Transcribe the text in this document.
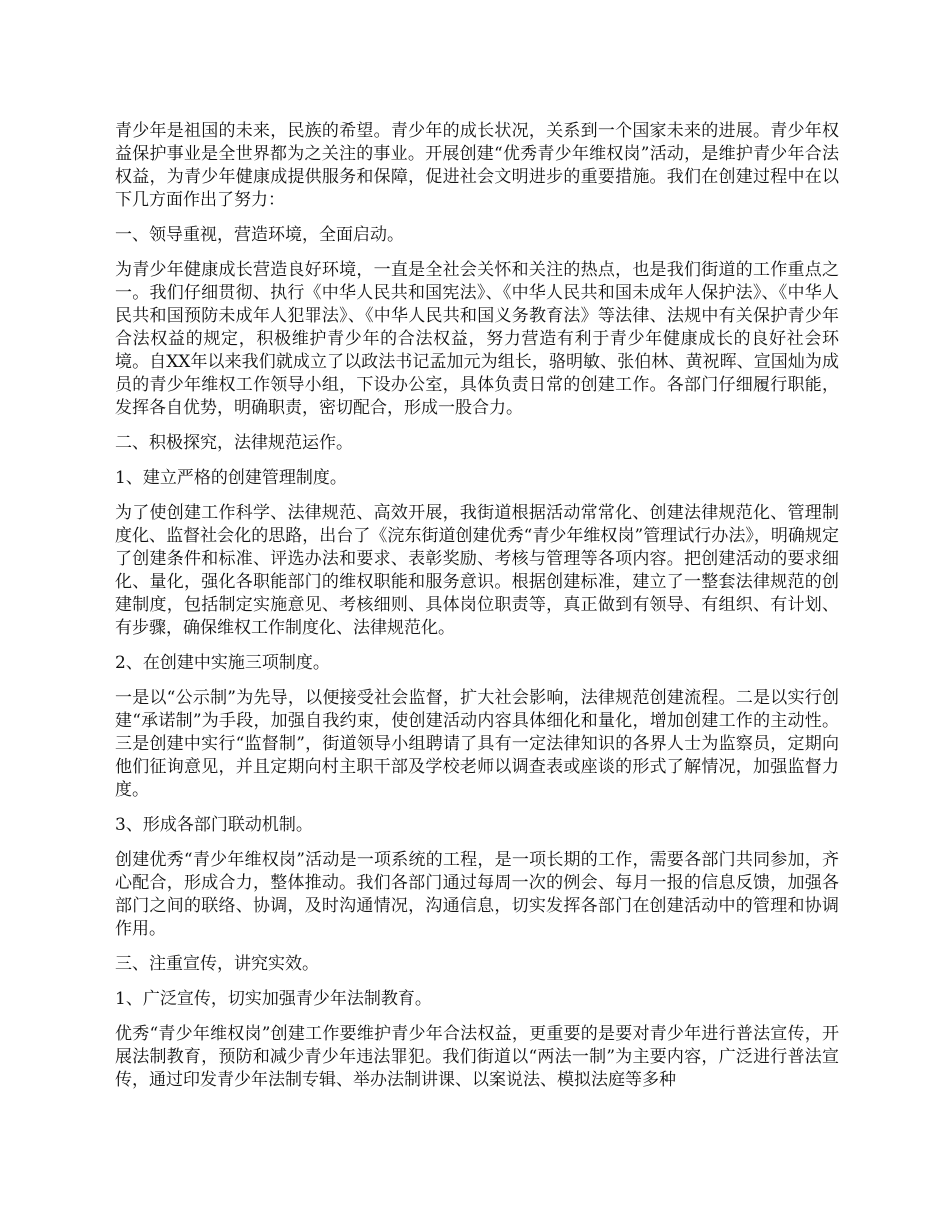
青少年是祖国的未来，民族的希望。青少年的成长状况，关系到一个国家未来的进展。青少年权益保护事业是全世界都为之关注的事业。开展创建“优秀青少年维权岗”活动，是维护青少年合法权益，为青少年健康成提供服务和保障，促进社会文明进步的重要措施。我们在创建过程中在以下几方面作出了努力：

一、领导重视，营造环境，全面启动。

为青少年健康成长营造良好环境，一直是全社会关怀和关注的热点，也是我们街道的工作重点之一。我们仔细贯彻、执行《中华人民共和国宪法》、《中华人民共和国未成年人保护法》、《中华人民共和国预防未成年人犯罪法》、《中华人民共和国义务教育法》等法律、法规中有关保护青少年合法权益的规定，积极维护青少年的合法权益，努力营造有利于青少年健康成长的良好社会环境。自XX年以来我们就成立了以政法书记孟加元为组长，骆明敏、张伯林、黄祝晖、宣国灿为成员的青少年维权工作领导小组，下设办公室，具体负责日常的创建工作。各部门仔细履行职能，发挥各自优势，明确职责，密切配合，形成一股合力。

二、积极探究，法律规范运作。

1、建立严格的创建管理制度。

为了使创建工作科学、法律规范、高效开展，我街道根据活动常常化、创建法律规范化、管理制度化、监督社会化的思路，出台了《浣东街道创建优秀“青少年维权岗”管理试行办法》，明确规定了创建条件和标准、评选办法和要求、表彰奖励、考核与管理等各项内容。把创建活动的要求细化、量化，强化各职能部门的维权职能和服务意识。根据创建标准，建立了一整套法律规范的创建制度，包括制定实施意见、考核细则、具体岗位职责等，真正做到有领导、有组织、有计划、有步骤，确保维权工作制度化、法律规范化。

2、在创建中实施三项制度。

一是以“公示制”为先导，以便接受社会监督，扩大社会影响，法律规范创建流程。二是以实行创建“承诺制”为手段，加强自我约束，使创建活动内容具体细化和量化，增加创建工作的主动性。三是创建中实行“监督制”，街道领导小组聘请了具有一定法律知识的各界人士为监察员，定期向他们征询意见，并且定期向村主职干部及学校老师以调查表或座谈的形式了解情况，加强监督力度。

3、形成各部门联动机制。

创建优秀“青少年维权岗”活动是一项系统的工程，是一项长期的工作，需要各部门共同参加，齐心配合，形成合力，整体推动。我们各部门通过每周一次的例会、每月一报的信息反馈，加强各部门之间的联络、协调，及时沟通情况，沟通信息，切实发挥各部门在创建活动中的管理和协调作用。

三、注重宣传，讲究实效。

1、广泛宣传，切实加强青少年法制教育。

优秀“青少年维权岗”创建工作要维护青少年合法权益，更重要的是要对青少年进行普法宣传，开展法制教育，预防和减少青少年违法罪犯。我们街道以“两法一制”为主要内容，广泛进行普法宣传，通过印发青少年法制专辑、举办法制讲课、以案说法、模拟法庭等多种
